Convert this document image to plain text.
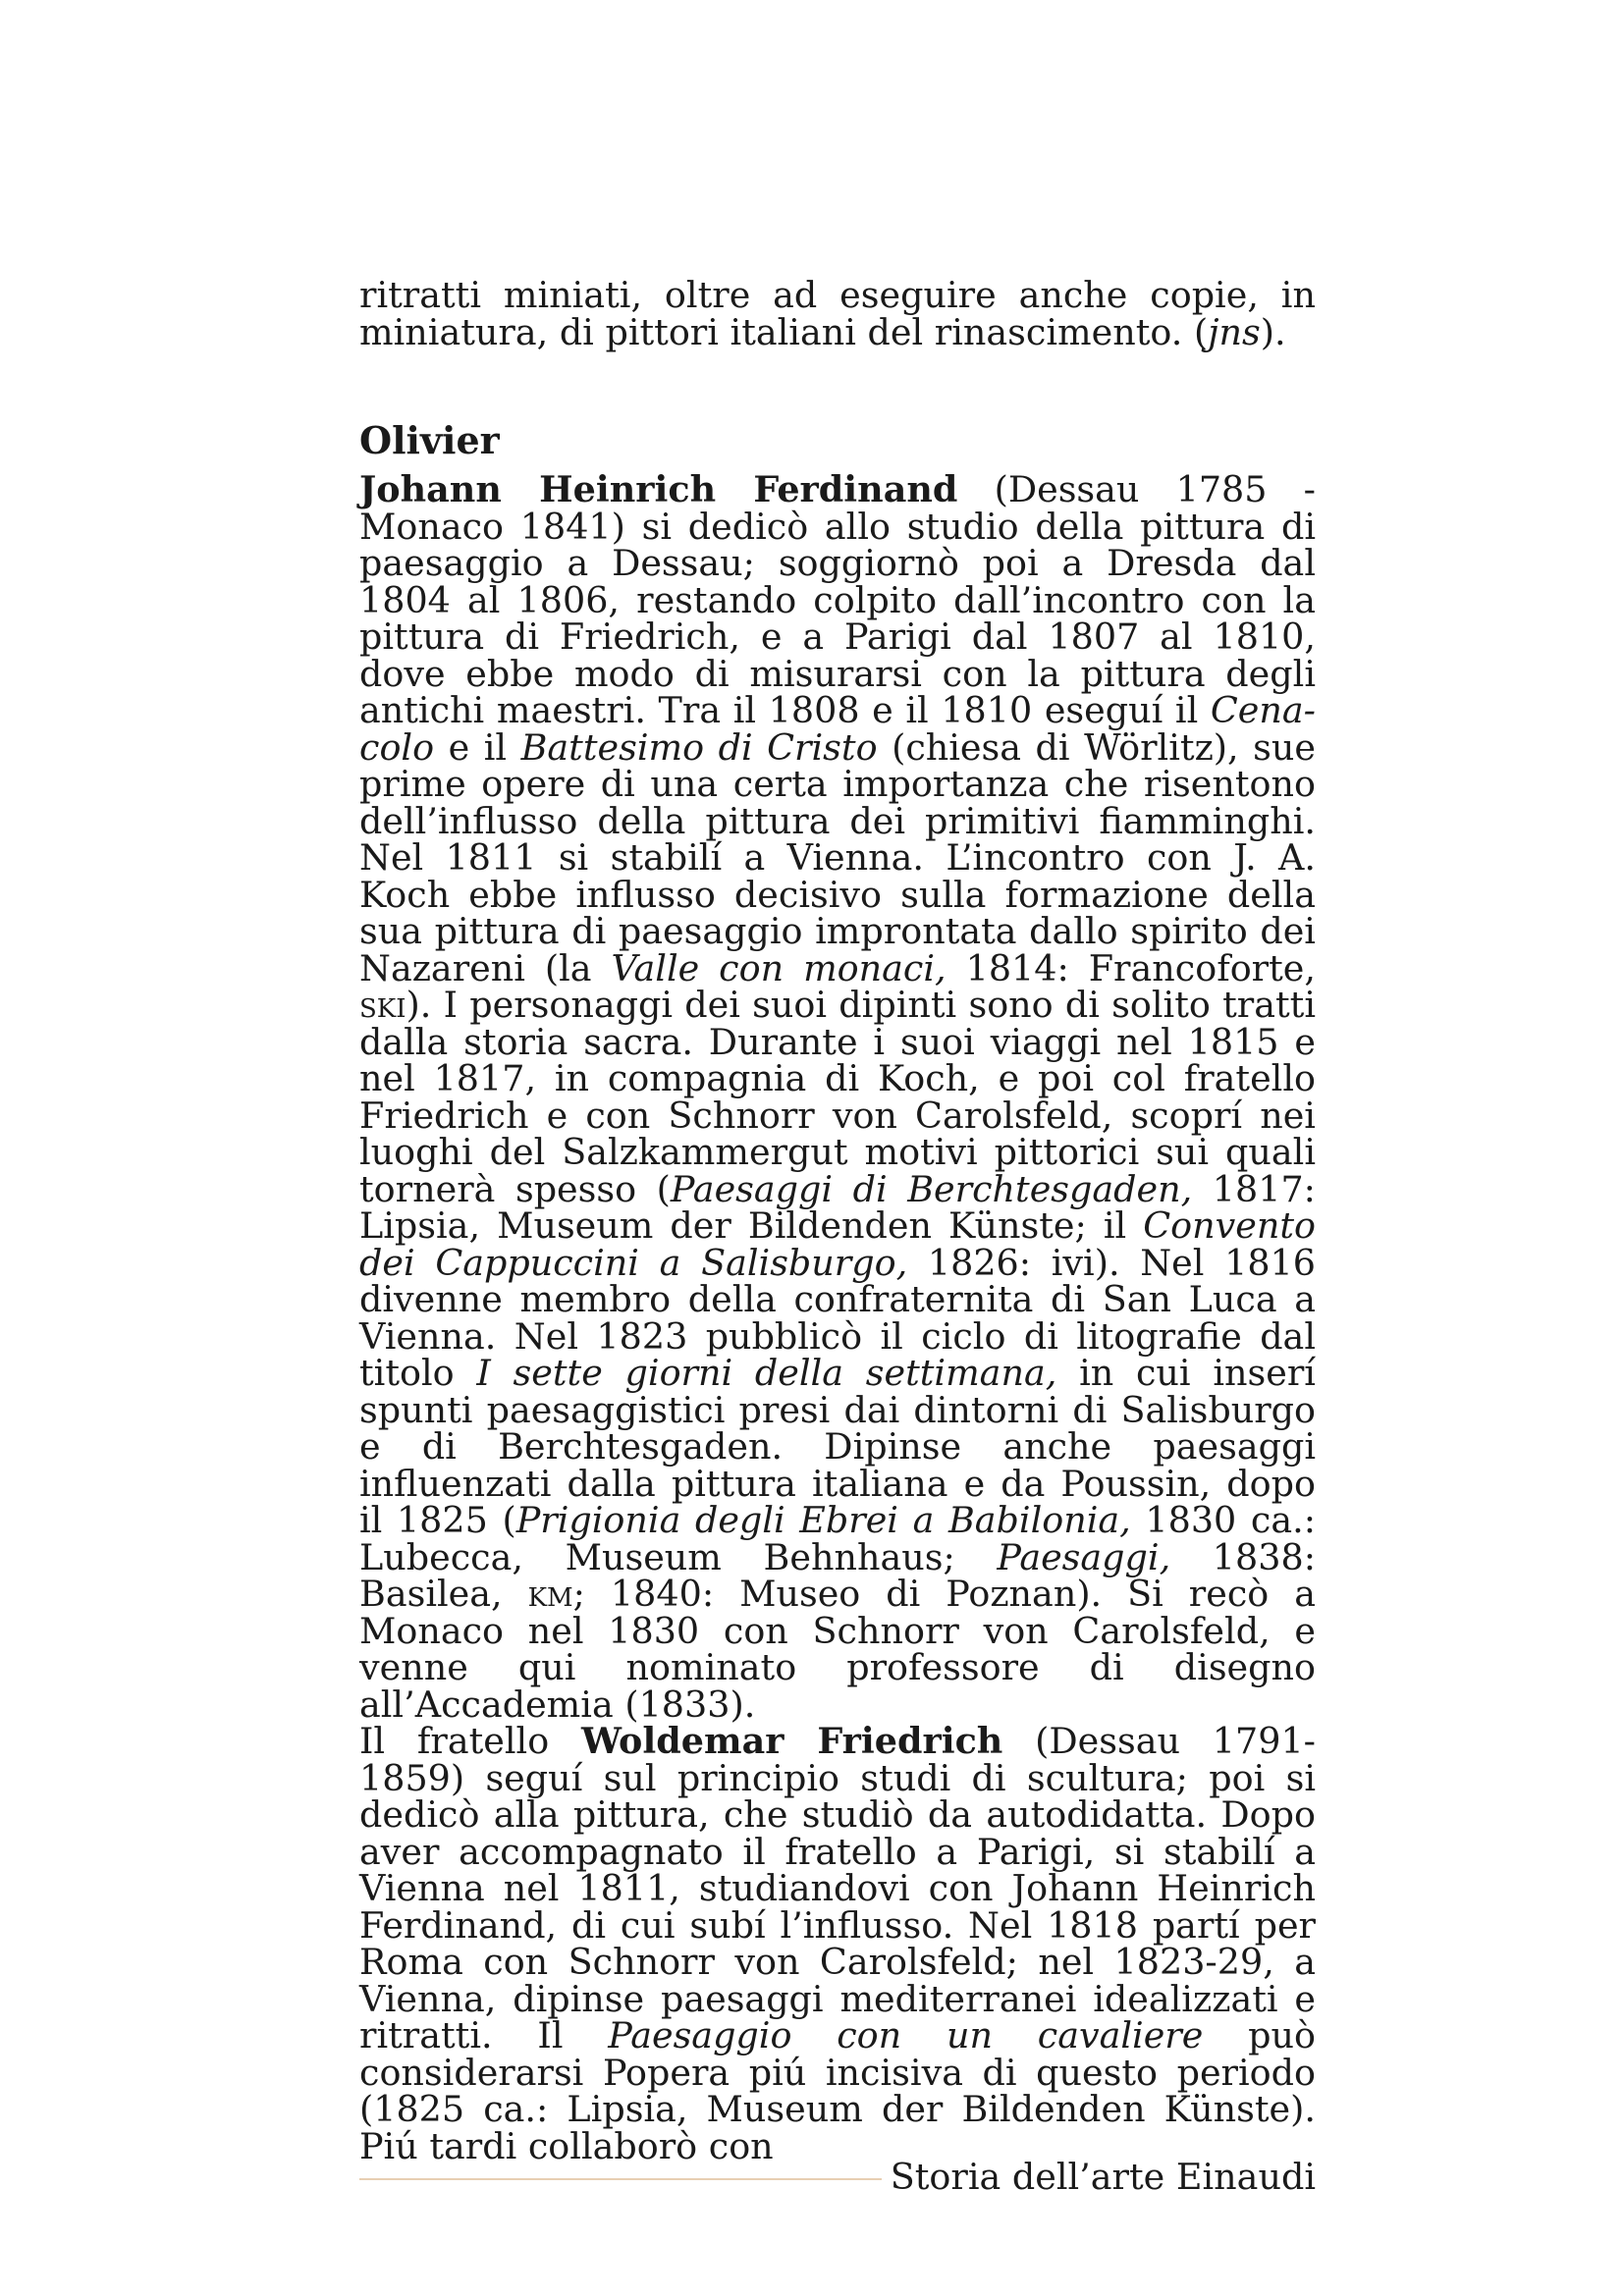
ritratti miniati, oltre ad eseguire anche copie, in miniatura, di pittori italiani del rinascimento. (jns).

Olivier

Johann Heinrich Ferdinand (Dessau 1785 - Monaco 1841) si dedicò allo studio della pittura di paesaggio a Dessau; soggiornò poi a Dresda dal 1804 al 1806, restando colpito dall’incontro con la pittura di Friedrich, e a Parigi dal 1807 al 1810, dove ebbe modo di misurarsi con la pittura degli antichi maestri. Tra il 1808 e il 1810 eseguí il Cenacolo e il Battesimo di Cristo (chiesa di Wörlitz), sue prime opere di una certa importanza che risentono dell’influsso della pittura dei primitivi fiamminghi. Nel 1811 si stabilí a Vienna. L’incontro con J. A. Koch ebbe influsso decisivo sulla formazione della sua pittura di paesaggio improntata dallo spirito dei Nazareni (la Valle con monaci, 1814: Francoforte, ski). I personaggi dei suoi dipinti sono di solito tratti dalla storia sacra. Durante i suoi viaggi nel 1815 e nel 1817, in compagnia di Koch, e poi col fratello Friedrich e con Schnorr von Carolsfeld, scoprí nei luoghi del Salzkammergut motivi pittorici sui quali tornerà spesso (Paesaggi di Berchtesgaden, 1817: Lipsia, Museum der Bildenden Künste; il Convento dei Cappuccini a Salisburgo, 1826: ivi). Nel 1816 divenne membro della confraternita di San Luca a Vienna. Nel 1823 pubblicò il ciclo di litografie dal titolo I sette giorni della settimana, in cui inserí spunti paesaggistici presi dai dintorni di Salisburgo e di Berchtesgaden. Dipinse anche paesaggi influenzati dalla pittura italiana e da Poussin, dopo il 1825 (Prigionia degli Ebrei a Babilonia, 1830 ca.: Lubecca, Museum Behnhaus; Paesaggi, 1838: Basilea, km; 1840: Museo di Poznan). Si recò a Monaco nel 1830 con Schnorr von Carolsfeld, e venne qui nominato professore di disegno all’Accademia (1833).

Il fratello Woldemar Friedrich (Dessau 1791-1859) seguí sul principio studi di scultura; poi si dedicò alla pittura, che studiò da autodidatta. Dopo aver accompagnato il fratello a Parigi, si stabilí a Vienna nel 1811, studiandovi con Johann Heinrich Ferdinand, di cui subí l’influsso. Nel 1818 partí per Roma con Schnorr von Carolsfeld; nel 1823-29, a Vienna, dipinse paesaggi mediterranei idealizzati e ritratti. Il Paesaggio con un cavaliere può considerarsi Popera piú incisiva di questo periodo (1825 ca.: Lipsia, Museum der Bildenden Künste). Piú tardi collaborò con

Storia dell’arte Einaudi
